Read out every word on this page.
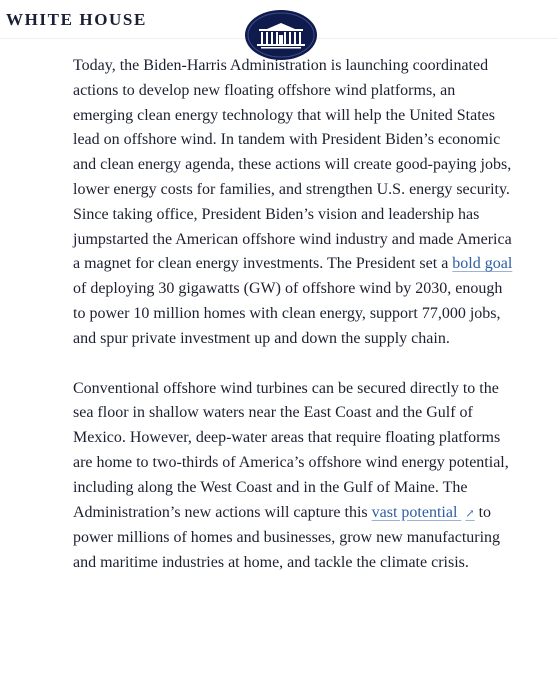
WHITE HOUSE

Today, the Biden-Harris Administration is launching coordinated actions to develop new floating offshore wind platforms, an emerging clean energy technology that will help the United States lead on offshore wind. In tandem with President Biden’s economic and clean energy agenda, these actions will create good-paying jobs, lower energy costs for families, and strengthen U.S. energy security. Since taking office, President Biden’s vision and leadership has jumpstarted the American offshore wind industry and made America a magnet for clean energy investments. The President set a bold goal of deploying 30 gigawatts (GW) of offshore wind by 2030, enough to power 10 million homes with clean energy, support 77,000 jobs, and spur private investment up and down the supply chain.

Conventional offshore wind turbines can be secured directly to the sea floor in shallow waters near the East Coast and the Gulf of Mexico. However, deep-water areas that require floating platforms are home to two-thirds of America’s offshore wind energy potential, including along the West Coast and in the Gulf of Maine. The Administration’s new actions will capture this vast potential ↗ to power millions of homes and businesses, grow new manufacturing and maritime industries at home, and tackle the climate crisis.
